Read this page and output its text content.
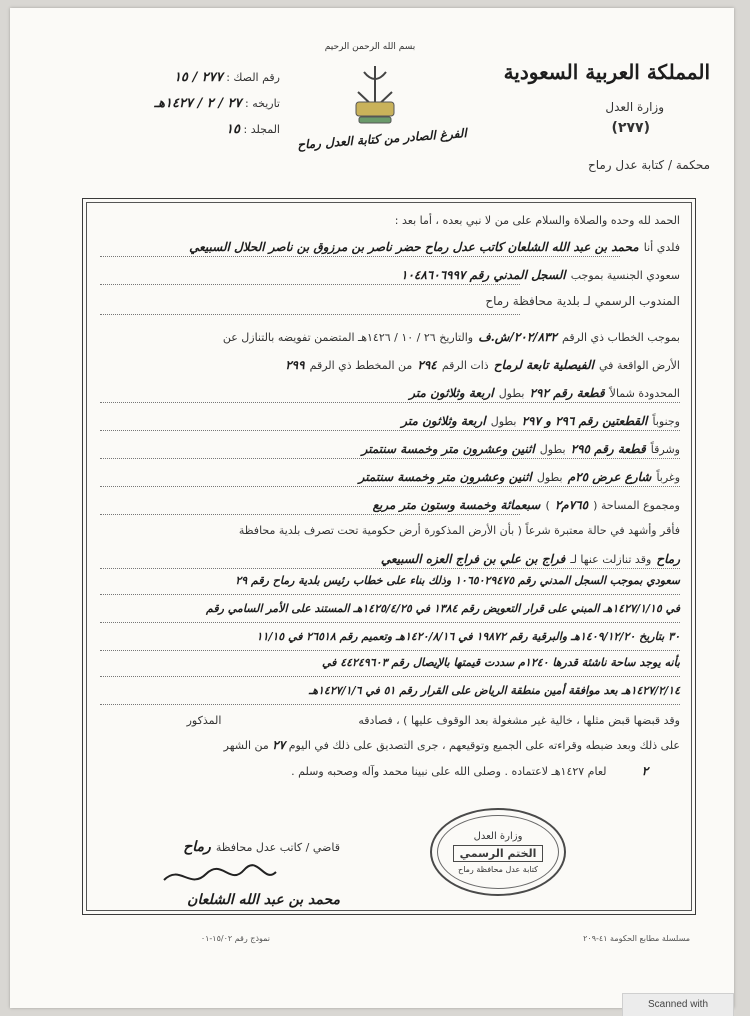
بسم الله الرحمن الرحيم
المملكة العربية السعودية
وزارة العدل
(٢٧٧)
محكمة / كتابة عدل رماح
الفرغ الصادر من كتابة العدل رماح
رقم الصك : ٢٧٧ / ١٥
تاريخه : ٢٧ / ٢ / ١٤٢٧هـ
المجلد : ١٥
الحمد لله وحده والصلاة والسلام على من لا نبي بعده ، أما بعد :
فلدي أنا محمد بن عبد الله الشلعان كاتب عدل رماح حضر ناصر بن مرزوق بن ناصر الحلال السبيعي
سعودي الجنسية بموجب السجل المدني رقم ١٠٤٨٦٠٦٩٩٧
المندوب الرسمي لـ بلدية محافظة رماح
بموجب الخطاب ذي الرقم ٢٠٢/٨٣٢/ش.ف والتاريخ ٢٦ / ١٠ / ١٤٢٦هـ المتضمن تفويضه بالتنازل عن
الأرض الواقعة في الفيصلية تابعة لرماح ذات الرقم ٢٩٤ من المخطط ذي الرقم ٢٩٩
المحدودة شمالاً قطعة رقم ٢٩٢ بطول اربعة وثلاثون متر
وجنوباً القطعتين رقم ٢٩٦ و ٢٩٧ بطول اربعة وثلاثون متر
وشرقاً قطعة رقم ٢٩٥ بطول اثنين وعشرون متر وخمسة سنتمتر
وغرباً شارع عرض ٢٥م بطول اثنين وعشرون متر وخمسة سنتمتر
ومجموع المساحة ( ٧٦٥م٢ ) سبعمائة وخمسة وستون متر مربع
فأقر وأشهد في حالة معتبرة شرعاً ( بأن الأرض المذكورة أرض حكومية تحت تصرف بلدية محافظة
رماح وقد تنازلت عنها لـ فراج بن علي بن فراج العزه السبيعي
سعودي بموجب السجل المدني رقم ١٠٦٥٠٢٩٤٧٥ وذلك بناء على خطاب رئيس بلدية رماح رقم ٢٩
في ١٤٢٧/١/١٥هـ المبني على قرار التعويض رقم ١٣٨٤ في ١٤٢٥/٤/٢٥هـ المستند على الأمر السامي رقم
٣٠ بتاريخ ١٤٠٩/١٢/٢٠هـ والبرقية رقم ١٩٨٧٢ في ١٤٢٠/٨/١٦هـ وتعميم رقم ٢٦٥١٨ في ١١/١٥
بأنه يوجد ساحة ناشئة قدرها ١٢٤٠م سددت قيمتها بالإيصال رقم ٤٤٢٤٩٦٠٣ في
١٤٢٧/٢/١٤هـ بعد موافقة أمين منطقة الرياض على القرار رقم ٥١ في ١٤٢٧/١/٦هـ
وقد قبضها قبض مثلها ، خالية غير مشغولة بعد الوقوف عليها ) ، فصادقه  المذكور
على ذلك وبعد ضبطه وقراءته على الجميع وتوقيعهم ، جرى التصديق على ذلك في اليوم ٢٧ من الشهر
٢ لعام ١٤٢٧هـ لاعتماده . وصلى الله على نبينا محمد وآله وصحبه وسلم .
قاضي / كاتب عدل محافظة رماح
محمد بن عبد الله الشلعان
وزارة العدل
الختم الرسمي
كتابة عدل محافظة رماح
نموذج رقم ١٥/٠٢-٠١	مسلسلة مطابع الحكومة ٤١-٢٠٩
Scanned with
